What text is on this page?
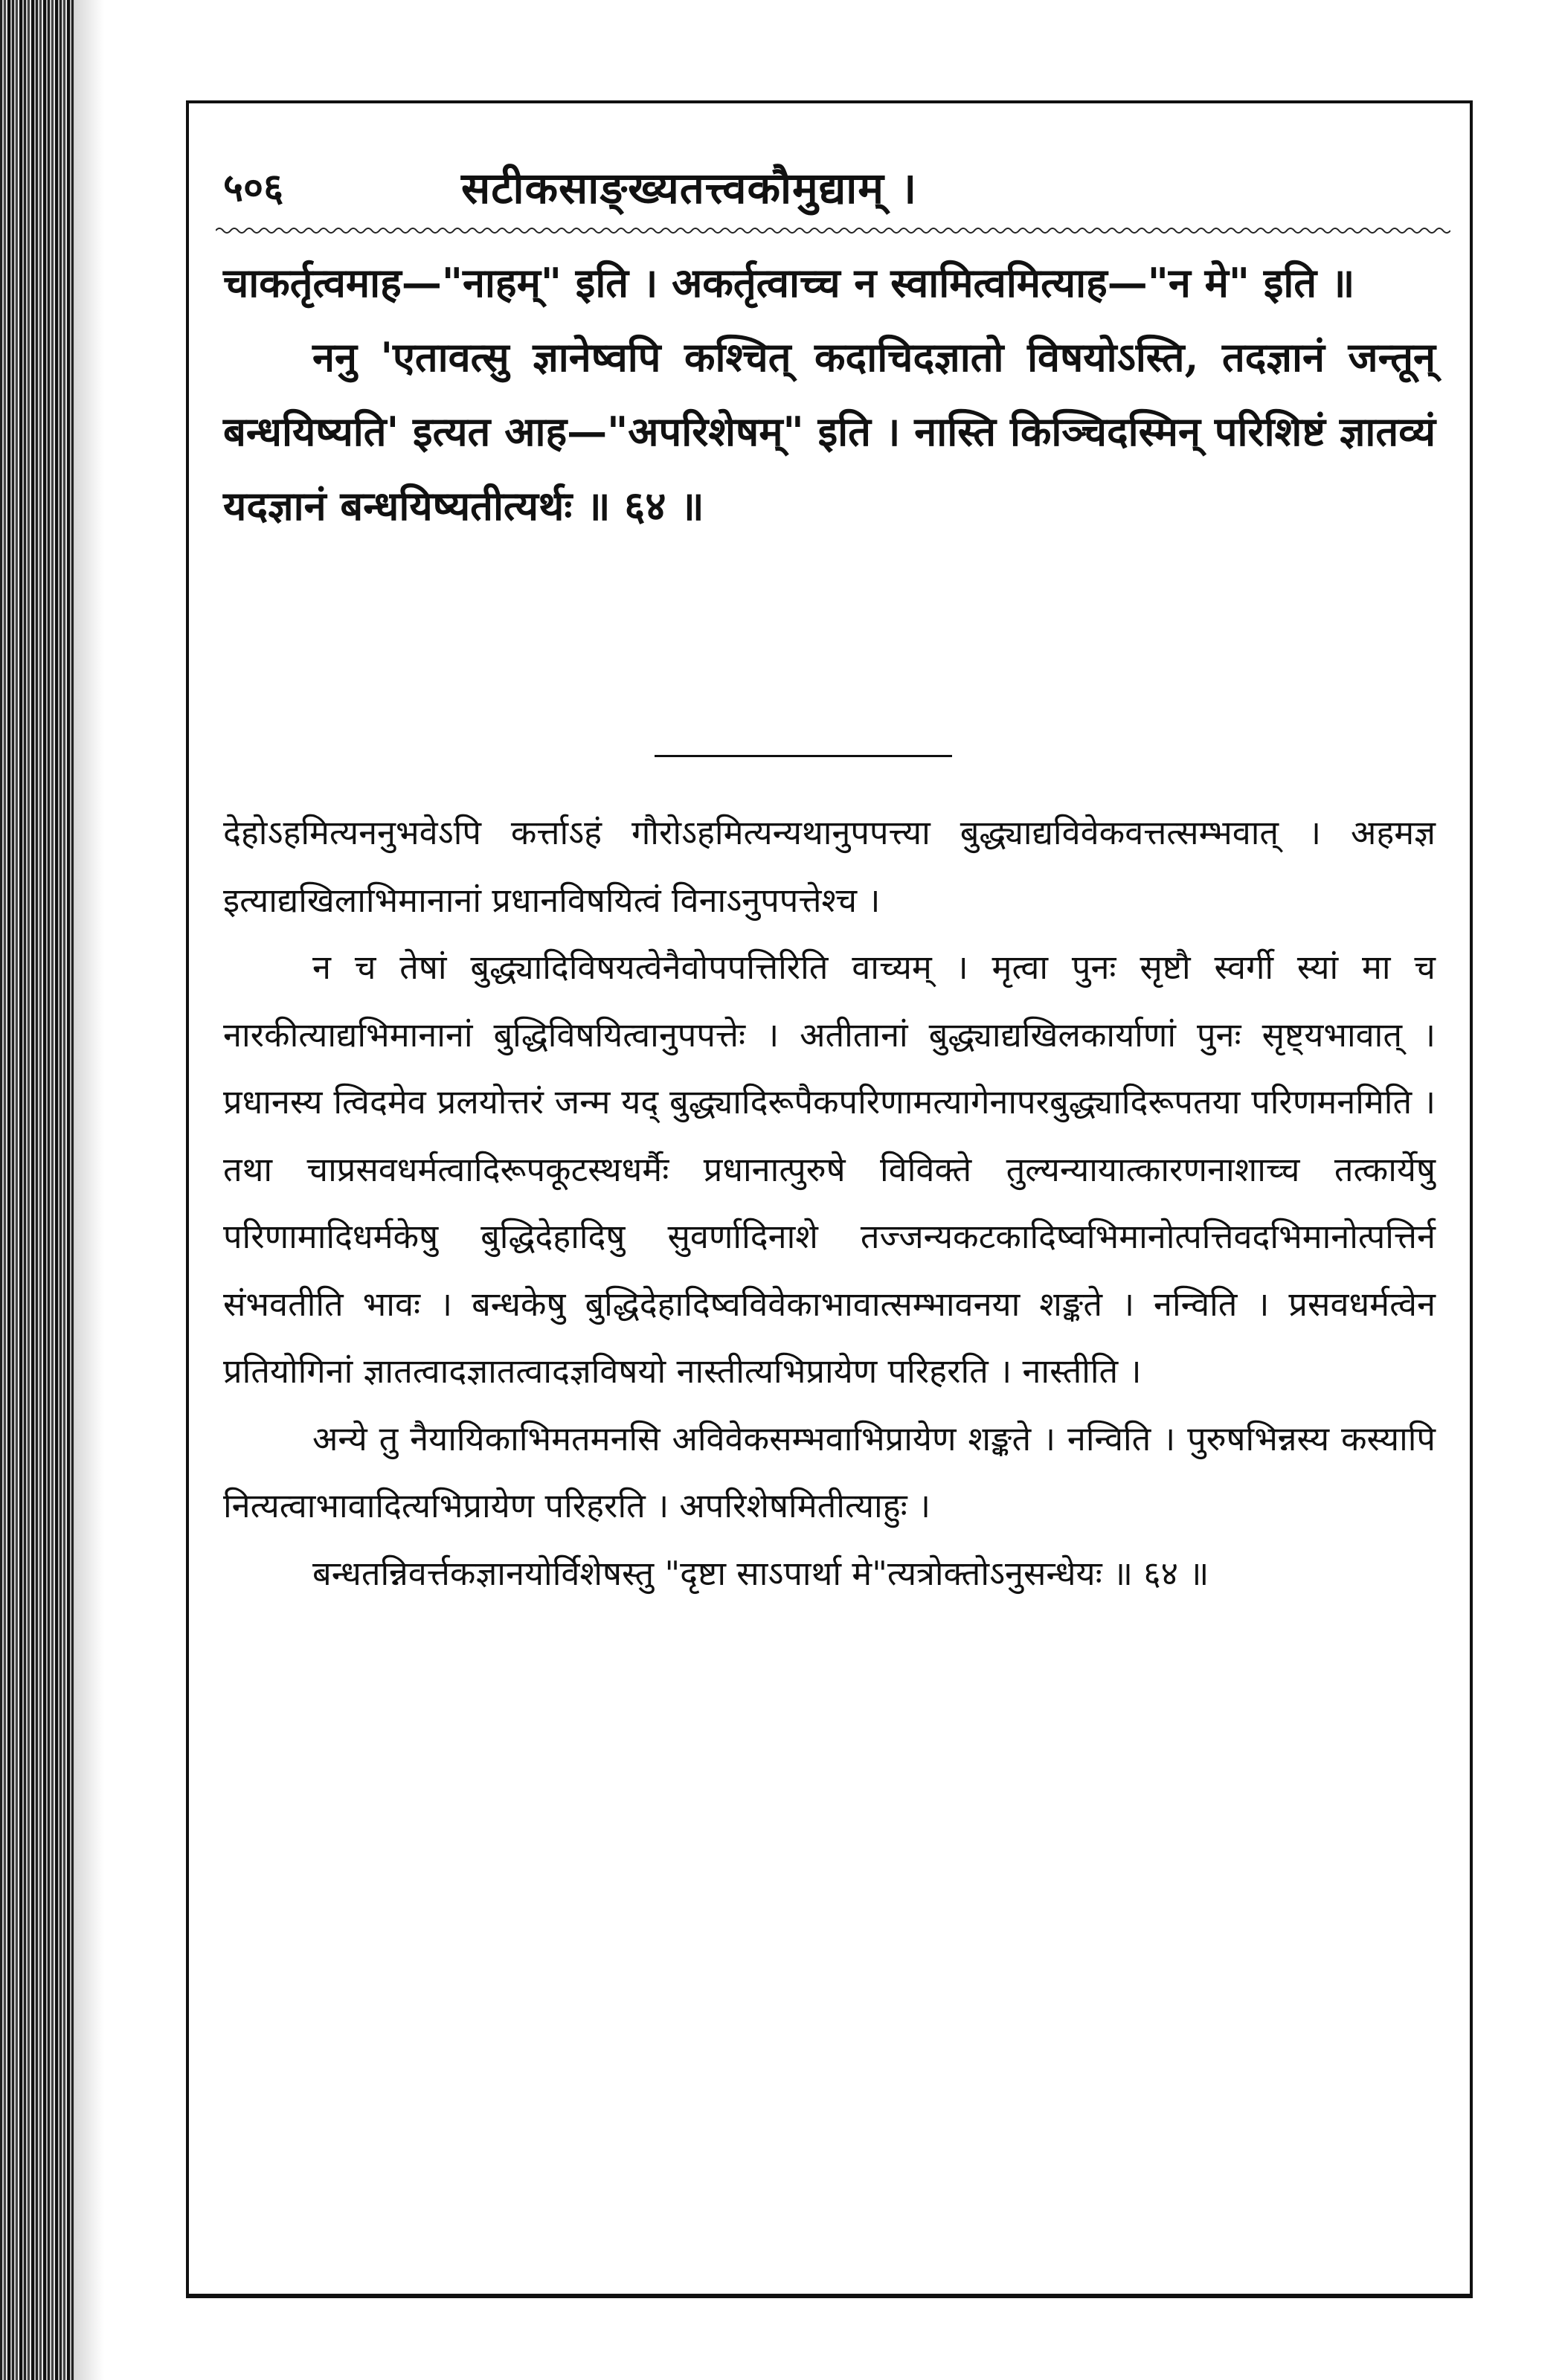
५०६	सटीकसाङ्ख्यतत्त्वकौमुद्याम् ।

चाकर्तृत्वमाह—"नाहम्" इति । अकर्तृत्वाच्च न स्वामित्वमित्याह—"न मे" इति ॥

ननु 'एतावत्सु ज्ञानेष्वपि कश्चित् कदाचिदज्ञातो विषयोऽस्ति, तदज्ञानं जन्तून् बन्धयिष्यति' इत्यत आह—"अपरिशेषम्" इति । नास्ति किञ्चिदस्मिन् परिशिष्टं ज्ञातव्यं यदज्ञानं बन्धयिष्यतीत्यर्थः ॥ ६४ ॥

देहोऽहमित्यननुभवेऽपि कर्त्ताऽहं गौरोऽहमित्यन्यथानुपपत्त्या बुद्ध्याद्यविवेकवत्तत्सम्भवात् । अहमज्ञ इत्याद्यखिलाभिमानानां प्रधानविषयित्वं विनाऽनुपपत्तेश्च ।

न च तेषां बुद्ध्यादिविषयत्वेनैवोपपत्तिरिति वाच्यम् । मृत्वा पुनः सृष्टौ स्वर्गी स्यां मा च नारकीत्याद्यभिमानानां बुद्धिविषयित्वानुपपत्तेः । अतीतानां बुद्ध्याद्यखिलकार्याणां पुनः सृष्ट्यभावात् । प्रधानस्य त्विदमेव प्रलयोत्तरं जन्म यद् बुद्ध्यादिरूपैकपरिणामत्यागेनापरबुद्ध्यादिरूपतया परिणमनमिति । तथा चाप्रसवधर्मत्वादिरूपकूटस्थधर्मैः प्रधानात्पुरुषे विविक्ते तुल्यन्यायात्कारणनाशाच्च तत्कार्येषु परिणामादिधर्मकेषु बुद्धिदेहादिषु सुवर्णादिनाशे तज्जन्यकटकादिष्वभिमानोत्पत्तिवदभिमानोत्पत्तिर्न संभवतीति भावः । बन्धकेषु बुद्धिदेहादिष्वविवेकाभावात्सम्भावनया शङ्कते । नन्विति । प्रसवधर्मत्वेन प्रतियोगिनां ज्ञातत्वादज्ञातत्वादज्ञविषयो नास्तीत्यभिप्रायेण परिहरति । नास्तीति ।

अन्ये तु नैयायिकाभिमतमनसि अविवेकसम्भवाभिप्रायेण शङ्कते । नन्विति । पुरुषभिन्नस्य कस्यापि नित्यत्वाभावादित्यभिप्रायेण परिहरति । अपरिशेषमितीत्याहुः ।

बन्धतन्निवर्त्तकज्ञानयोर्विशेषस्तु "दृष्टा साऽपार्था मे"त्यत्रोक्तोऽनुसन्धेयः ॥ ६४ ॥
